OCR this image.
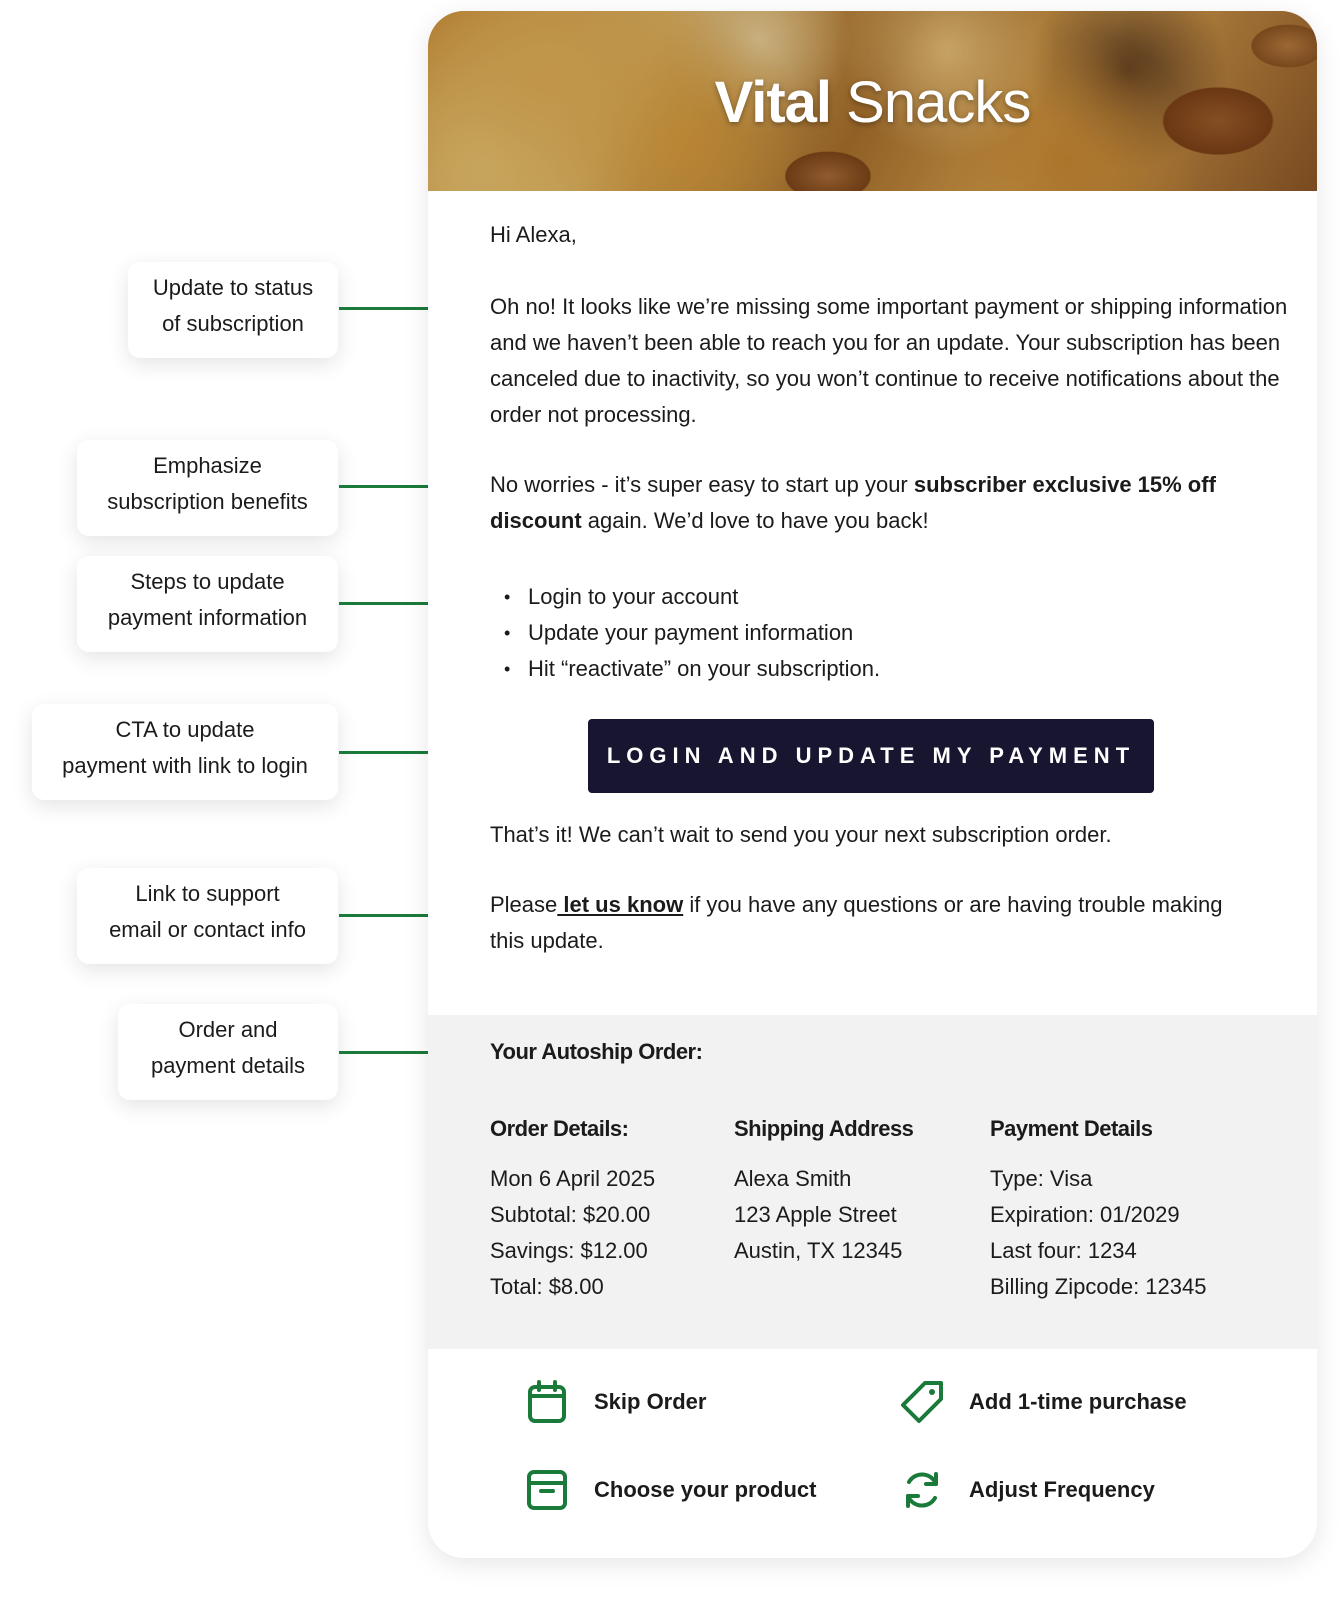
Update to status
of subscription
Emphasize
subscription benefits
Steps to update
payment information
CTA to update
payment with link to login
Link to support
email or contact info
Order and
payment details
Vital Snacks

Hi Alexa,

Oh no! It looks like we’re missing some important payment or shipping information and we haven’t been able to reach you for an update. Your subscription has been canceled due to inactivity, so you won’t continue to receive notifications about the order not processing.

No worries - it’s super easy to start up your subscriber exclusive 15% off discount again. We’d love to have you back!

• Login to your account
• Update your payment information
• Hit “reactivate” on your subscription.
LOGIN AND UPDATE MY PAYMENT

That’s it! We can’t wait to send you your next subscription order.

Please let us know if you have any questions or are having trouble making this update.

Your Autoship Order:
Order Details:
Mon 6 April 2025
Subtotal: $20.00
Savings: $12.00
Total: $8.00
Shipping Address
Alexa Smith
123 Apple Street
Austin, TX 12345
Payment Details
Type: Visa
Expiration: 01/2029
Last four: 1234
Billing Zipcode: 12345
Skip Order	Add 1-time purchase
Choose your product	Adjust Frequency
